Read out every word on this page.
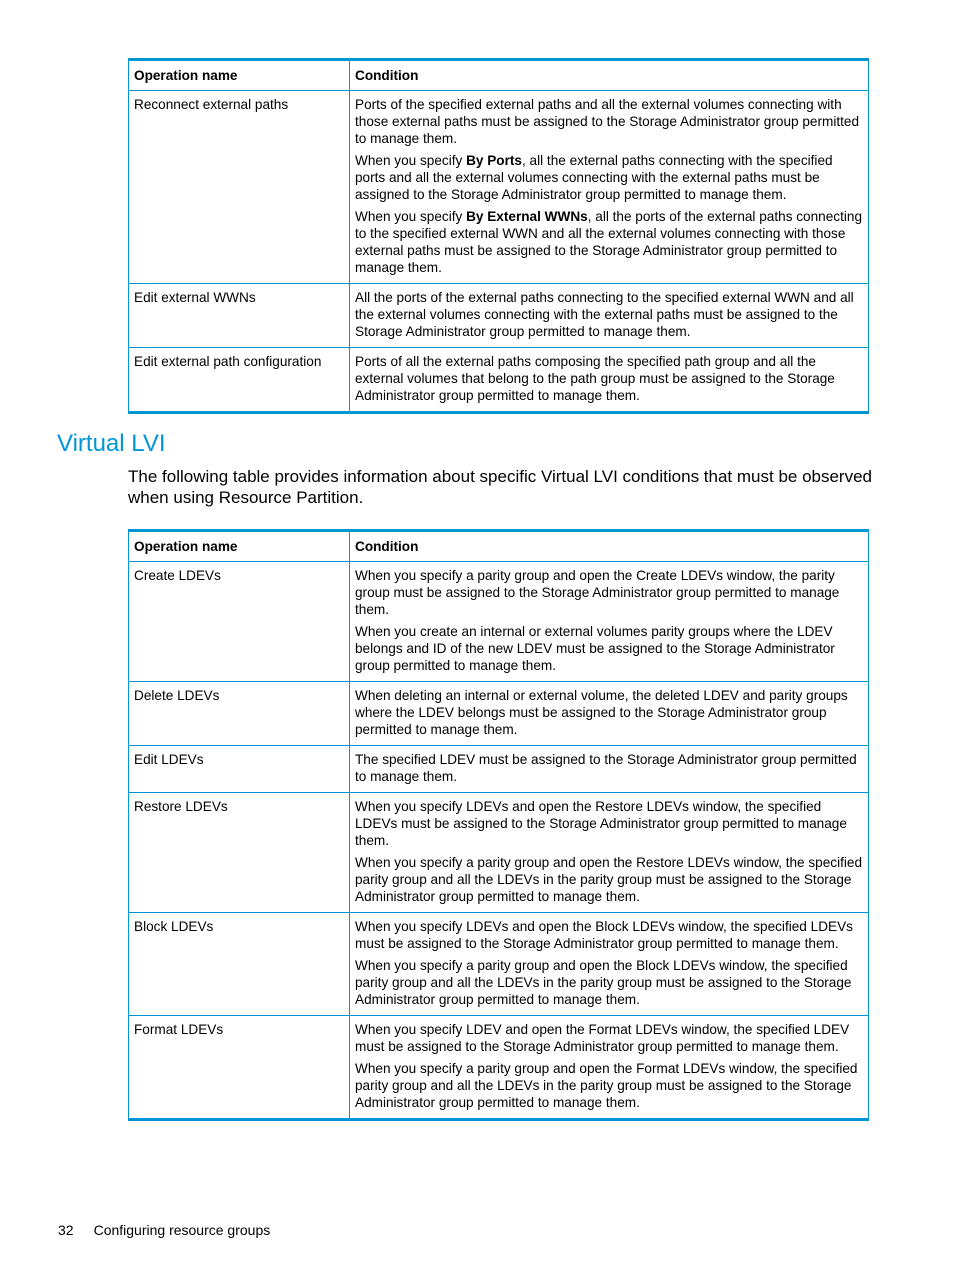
Operation name	Condition
Reconnect external paths	Ports of the specified external paths and all the external volumes connecting with those external paths must be assigned to the Storage Administrator group permitted to manage them.

When you specify By Ports, all the external paths connecting with the specified ports and all the external volumes connecting with the external paths must be assigned to the Storage Administrator group permitted to manage them.

When you specify By External WWNs, all the ports of the external paths connecting to the specified external WWN and all the external volumes connecting with those external paths must be assigned to the Storage Administrator group permitted to manage them.

Edit external WWNs	All the ports of the external paths connecting to the specified external WWN and all the external volumes connecting with the external paths must be assigned to the Storage Administrator group permitted to manage them.

Edit external path configuration	Ports of all the external paths composing the specified path group and all the external volumes that belong to the path group must be assigned to the Storage Administrator group permitted to manage them.

Virtual LVI

The following table provides information about specific Virtual LVI conditions that must be observed when using Resource Partition.

Operation name	Condition
Create LDEVs	When you specify a parity group and open the Create LDEVs window, the parity group must be assigned to the Storage Administrator group permitted to manage them.

When you create an internal or external volumes parity groups where the LDEV belongs and ID of the new LDEV must be assigned to the Storage Administrator group permitted to manage them.

Delete LDEVs	When deleting an internal or external volume, the deleted LDEV and parity groups where the LDEV belongs must be assigned to the Storage Administrator group permitted to manage them.

Edit LDEVs	The specified LDEV must be assigned to the Storage Administrator group permitted to manage them.

Restore LDEVs	When you specify LDEVs and open the Restore LDEVs window, the specified LDEVs must be assigned to the Storage Administrator group permitted to manage them.

When you specify a parity group and open the Restore LDEVs window, the specified parity group and all the LDEVs in the parity group must be assigned to the Storage Administrator group permitted to manage them.

Block LDEVs	When you specify LDEVs and open the Block LDEVs window, the specified LDEVs must be assigned to the Storage Administrator group permitted to manage them.

When you specify a parity group and open the Block LDEVs window, the specified parity group and all the LDEVs in the parity group must be assigned to the Storage Administrator group permitted to manage them.

Format LDEVs	When you specify LDEV and open the Format LDEVs window, the specified LDEV must be assigned to the Storage Administrator group permitted to manage them.

When you specify a parity group and open the Format LDEVs window, the specified parity group and all the LDEVs in the parity group must be assigned to the Storage Administrator group permitted to manage them.

32 Configuring resource groups
